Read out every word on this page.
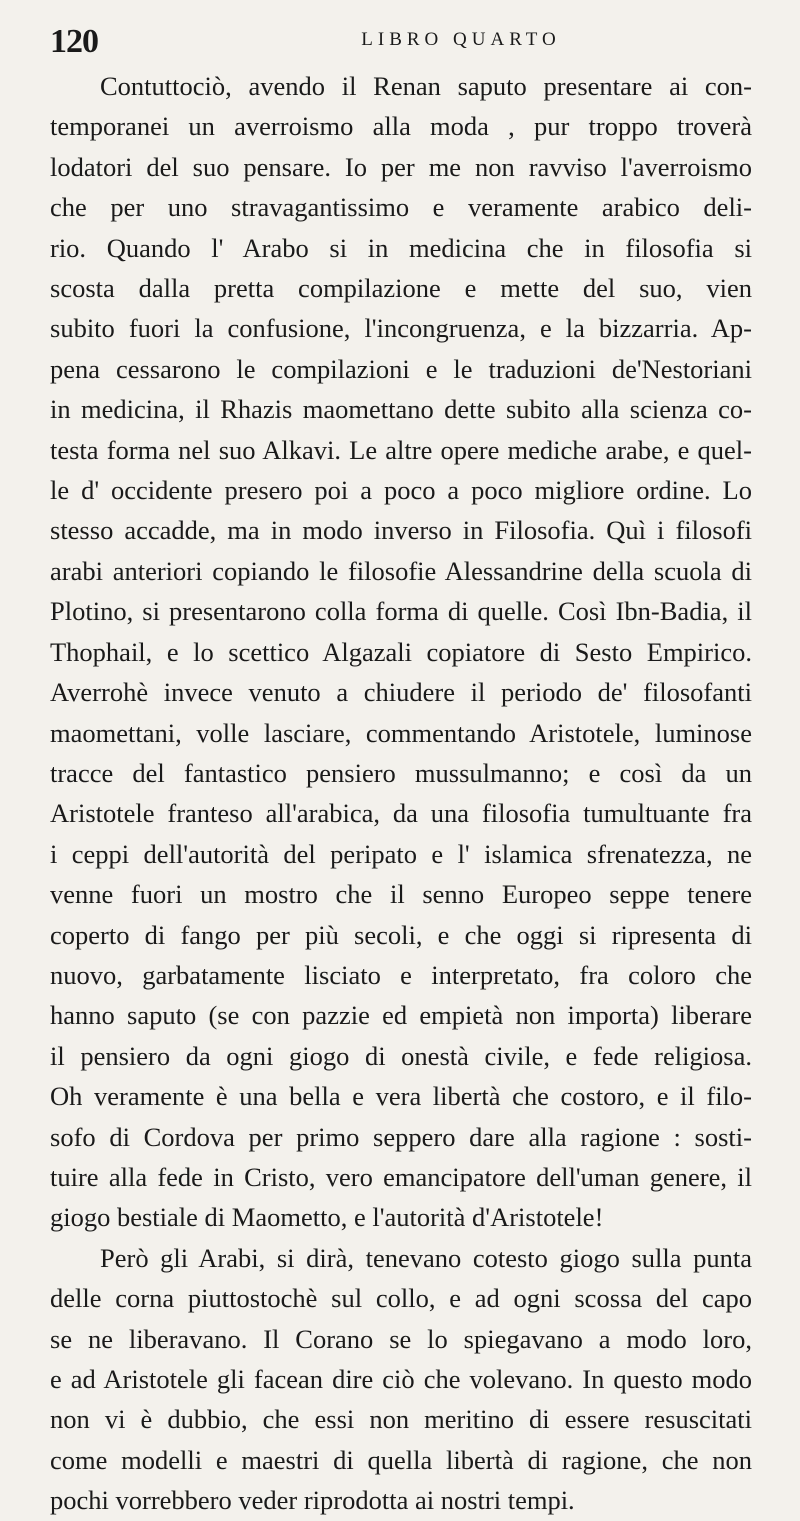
120	LIBRO QUARTO

Contuttociò, avendo il Renan saputo presentare ai con-
temporanei un averroismo alla moda , pur troppo troverà
lodatori del suo pensare. Io per me non ravviso l'averroismo
che per uno stravagantissimo e veramente arabico deli-
rio. Quando l' Arabo si in medicina che in filosofia si
scosta dalla pretta compilazione e mette del suo, vien
subito fuori la confusione, l'incongruenza, e la bizzarria. Ap-
pena cessarono le compilazioni e le traduzioni de'Nestoriani
in medicina, il Rhazis maomettano dette subito alla scienza co-
testa forma nel suo Alkavi. Le altre opere mediche arabe, e quel-
le d' occidente presero poi a poco a poco migliore ordine. Lo
stesso accadde, ma in modo inverso in Filosofia. Quì i filosofi
arabi anteriori copiando le filosofie Alessandrine della scuola di
Plotino, si presentarono colla forma di quelle. Così Ibn-Badia, il
Thophail, e lo scettico Algazali copiatore di Sesto Empirico.
Averrohè invece venuto a chiudere il periodo de' filosofanti
maomettani, volle lasciare, commentando Aristotele, luminose
tracce del fantastico pensiero mussulmanno; e così da un
Aristotele franteso all'arabica, da una filosofia tumultuante fra
i ceppi dell'autorità del peripato e l' islamica sfrenatezza, ne
venne fuori un mostro che il senno Europeo seppe tenere
coperto di fango per più secoli, e che oggi si ripresenta di
nuovo, garbatamente lisciato e interpretato, fra coloro che
hanno saputo (se con pazzie ed empietà non importa) liberare
il pensiero da ogni giogo di onestà civile, e fede religiosa.
Oh veramente è una bella e vera libertà che costoro, e il filo-
sofo di Cordova per primo seppero dare alla ragione : sosti-
tuire alla fede in Cristo, vero emancipatore dell'uman genere, il
giogo bestiale di Maometto, e l'autorità d'Aristotele!

Però gli Arabi, si dirà, tenevano cotesto giogo sulla punta
delle corna piuttostochè sul collo, e ad ogni scossa del capo
se ne liberavano. Il Corano se lo spiegavano a modo loro,
e ad Aristotele gli facean dire ciò che volevano. In questo modo
non vi è dubbio, che essi non meritino di essere resuscitati
come modelli e maestri di quella libertà di ragione, che non
pochi vorrebbero veder riprodotta ai nostri tempi.
